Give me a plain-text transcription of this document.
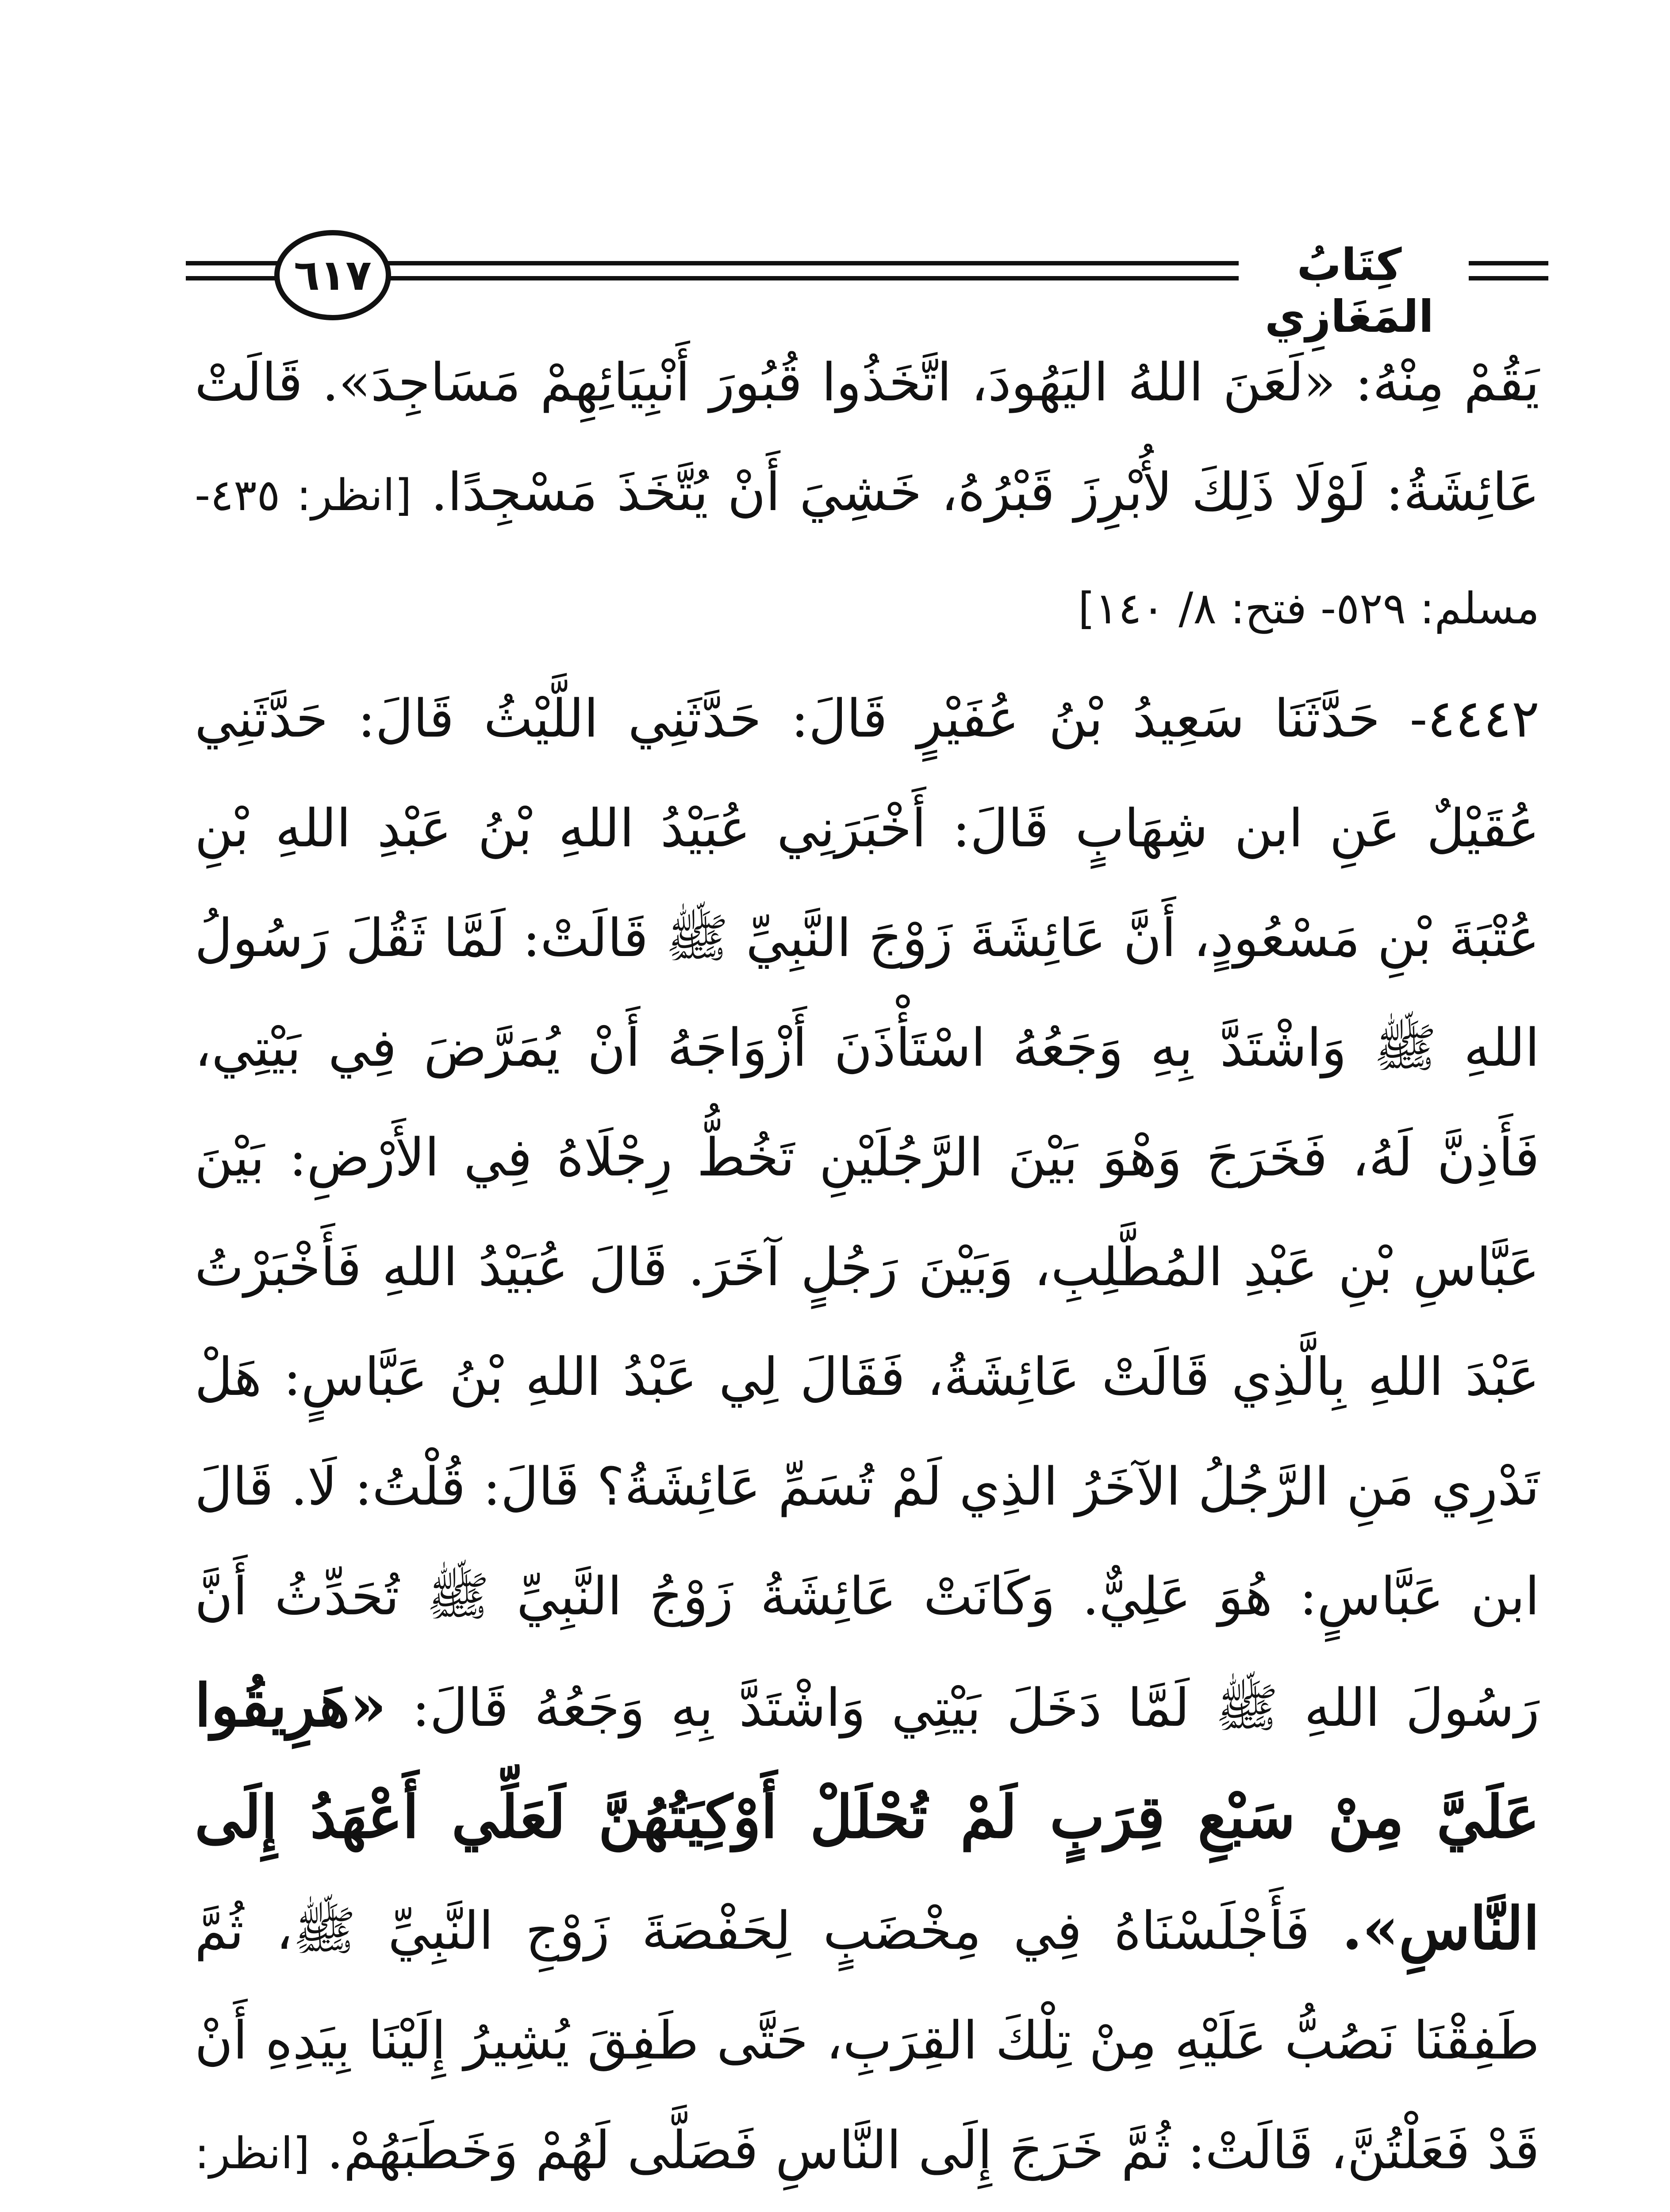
٦١٧	كِتَابُ المَغَازِي

يَقُمْ مِنْهُ: «لَعَنَ اللهُ اليَهُودَ، اتَّخَذُوا قُبُورَ أَنْبِيَائِهِمْ مَسَاجِدَ». قَالَتْ عَائِشَةُ: لَوْلَا ذَلِكَ لأُبْرِزَ قَبْرُهُ، خَشِيَ أَنْ يُتَّخَذَ مَسْجِدًا. [انظر: ٤٣٥- مسلم: ٥٢٩- فتح: ٨/ ١٤٠]

٤٤٤٢- حَدَّثَنَا سَعِيدُ بْنُ عُفَيْرٍ قَالَ: حَدَّثَنِي اللَّيْثُ قَالَ: حَدَّثَنِي عُقَيْلٌ عَنِ ابن شِهَابٍ قَالَ: أَخْبَرَنِي عُبَيْدُ اللهِ بْنُ عَبْدِ اللهِ بْنِ عُتْبَةَ بْنِ مَسْعُودٍ، أَنَّ عَائِشَةَ زَوْجَ النَّبِيِّ ﷺ قَالَتْ: لَمَّا ثَقُلَ رَسُولُ اللهِ ﷺ وَاشْتَدَّ بِهِ وَجَعُهُ اسْتَأْذَنَ أَزْوَاجَهُ أَنْ يُمَرَّضَ فِي بَيْتِي، فَأَذِنَّ لَهُ، فَخَرَجَ وَهْوَ بَيْنَ الرَّجُلَيْنِ تَخُطُّ رِجْلَاهُ فِي الأَرْضِ: بَيْنَ عَبَّاسِ بْنِ عَبْدِ المُطَّلِبِ، وَبَيْنَ رَجُلٍ آخَرَ. قَالَ عُبَيْدُ اللهِ فَأَخْبَرْتُ عَبْدَ اللهِ بِالَّذِي قَالَتْ عَائِشَةُ، فَقَالَ لِي عَبْدُ اللهِ بْنُ عَبَّاسٍ: هَلْ تَدْرِي مَنِ الرَّجُلُ الآخَرُ الذِي لَمْ تُسَمِّ عَائِشَةُ؟ قَالَ: قُلْتُ: لَا. قَالَ ابن عَبَّاسٍ: هُوَ عَلِيٌّ. وَكَانَتْ عَائِشَةُ زَوْجُ النَّبِيِّ ﷺ تُحَدِّثُ أَنَّ رَسُولَ اللهِ ﷺ لَمَّا دَخَلَ بَيْتِي وَاشْتَدَّ بِهِ وَجَعُهُ قَالَ: «هَرِيقُوا عَلَيَّ مِنْ سَبْعِ قِرَبٍ لَمْ تُحْلَلْ أَوْكِيَتُهُنَّ لَعَلِّي أَعْهَدُ إِلَى النَّاسِ». فَأَجْلَسْنَاهُ فِي مِخْضَبٍ لِحَفْصَةَ زَوْجِ النَّبِيِّ ﷺ، ثُمَّ طَفِقْنَا نَصُبُّ عَلَيْهِ مِنْ تِلْكَ القِرَبِ، حَتَّى طَفِقَ يُشِيرُ إِلَيْنَا بِيَدِهِ أَنْ قَدْ فَعَلْتُنَّ، قَالَتْ: ثُمَّ خَرَجَ إِلَى النَّاسِ فَصَلَّى لَهُمْ وَخَطَبَهُمْ. [انظر:
